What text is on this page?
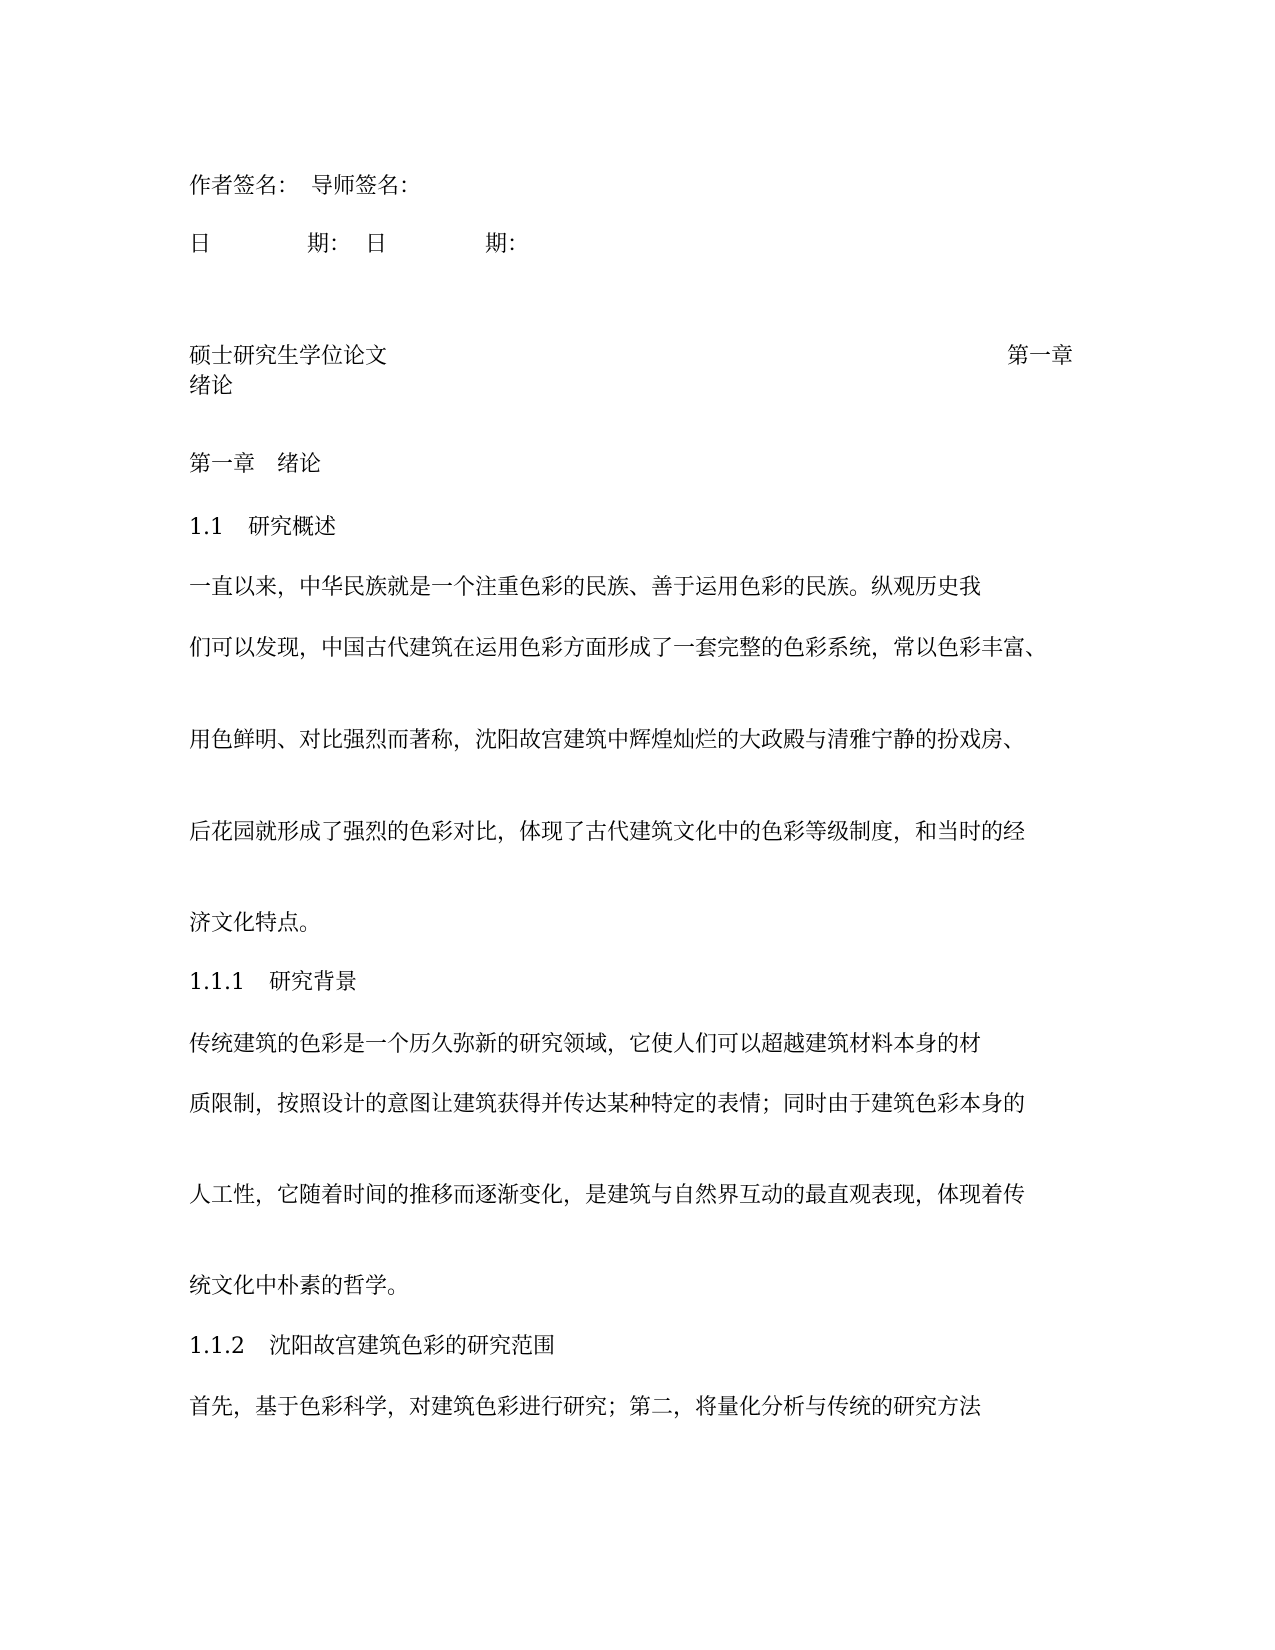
作者签名： 导师签名：
日	期： 日	期：
硕士研究生学位论文	第一章
绪论
第一章 绪论
1.1 研究概述
一直以来，中华民族就是一个注重色彩的民族、善于运用色彩的民族。纵观历史我
们可以发现，中国古代建筑在运用色彩方面形成了一套完整的色彩系统，常以色彩丰富、
用色鲜明、对比强烈而著称，沈阳故宫建筑中辉煌灿烂的大政殿与清雅宁静的扮戏房、
后花园就形成了强烈的色彩对比，体现了古代建筑文化中的色彩等级制度，和当时的经
济文化特点。
1.1.1 研究背景
传统建筑的色彩是一个历久弥新的研究领域，它使人们可以超越建筑材料本身的材
质限制，按照设计的意图让建筑获得并传达某种特定的表情；同时由于建筑色彩本身的
人工性，它随着时间的推移而逐渐变化，是建筑与自然界互动的最直观表现，体现着传
统文化中朴素的哲学。
1.1.2 沈阳故宫建筑色彩的研究范围
首先，基于色彩科学，对建筑色彩进行研究；第二，将量化分析与传统的研究方法
